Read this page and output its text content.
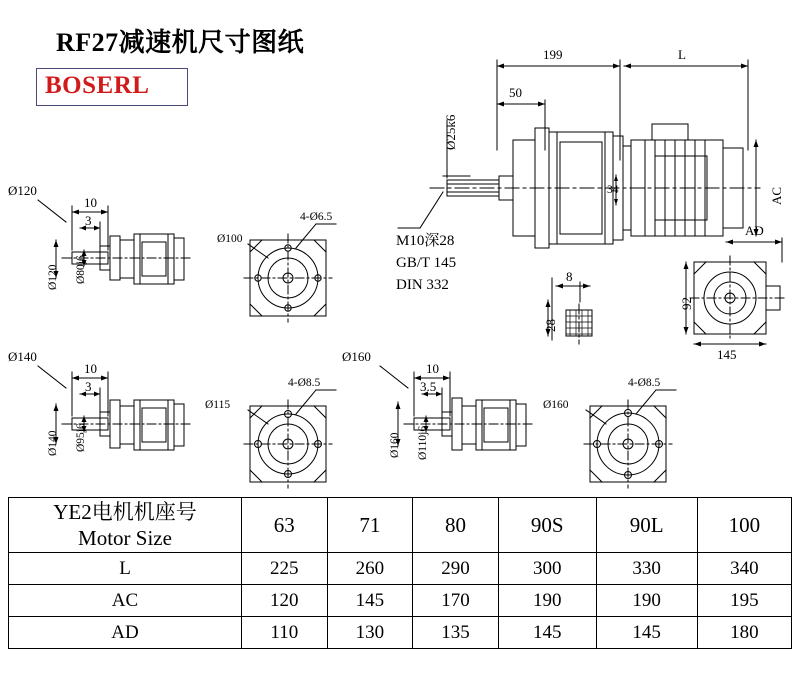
RF27减速机尺寸图纸
BOSERL
199	L
50
Ø25k6
34	AC
M10深28
GB/T 145
DIN 332
8
28
AD
92
145
Ø120
10
3
Ø120 Ø80j6
Ø100
4-Ø6.5
Ø140
10
3
Ø140 Ø95j6
Ø115
4-Ø8.5
Ø160
10
3.5
Ø160 Ø110j6
Ø160
4-Ø8.5
YE2电机机座号
Motor Size	63	71	80	90S	90L	100
L	225	260	290	300	330	340
AC	120	145	170	190	190	195
AD	110	130	135	145	145	180
